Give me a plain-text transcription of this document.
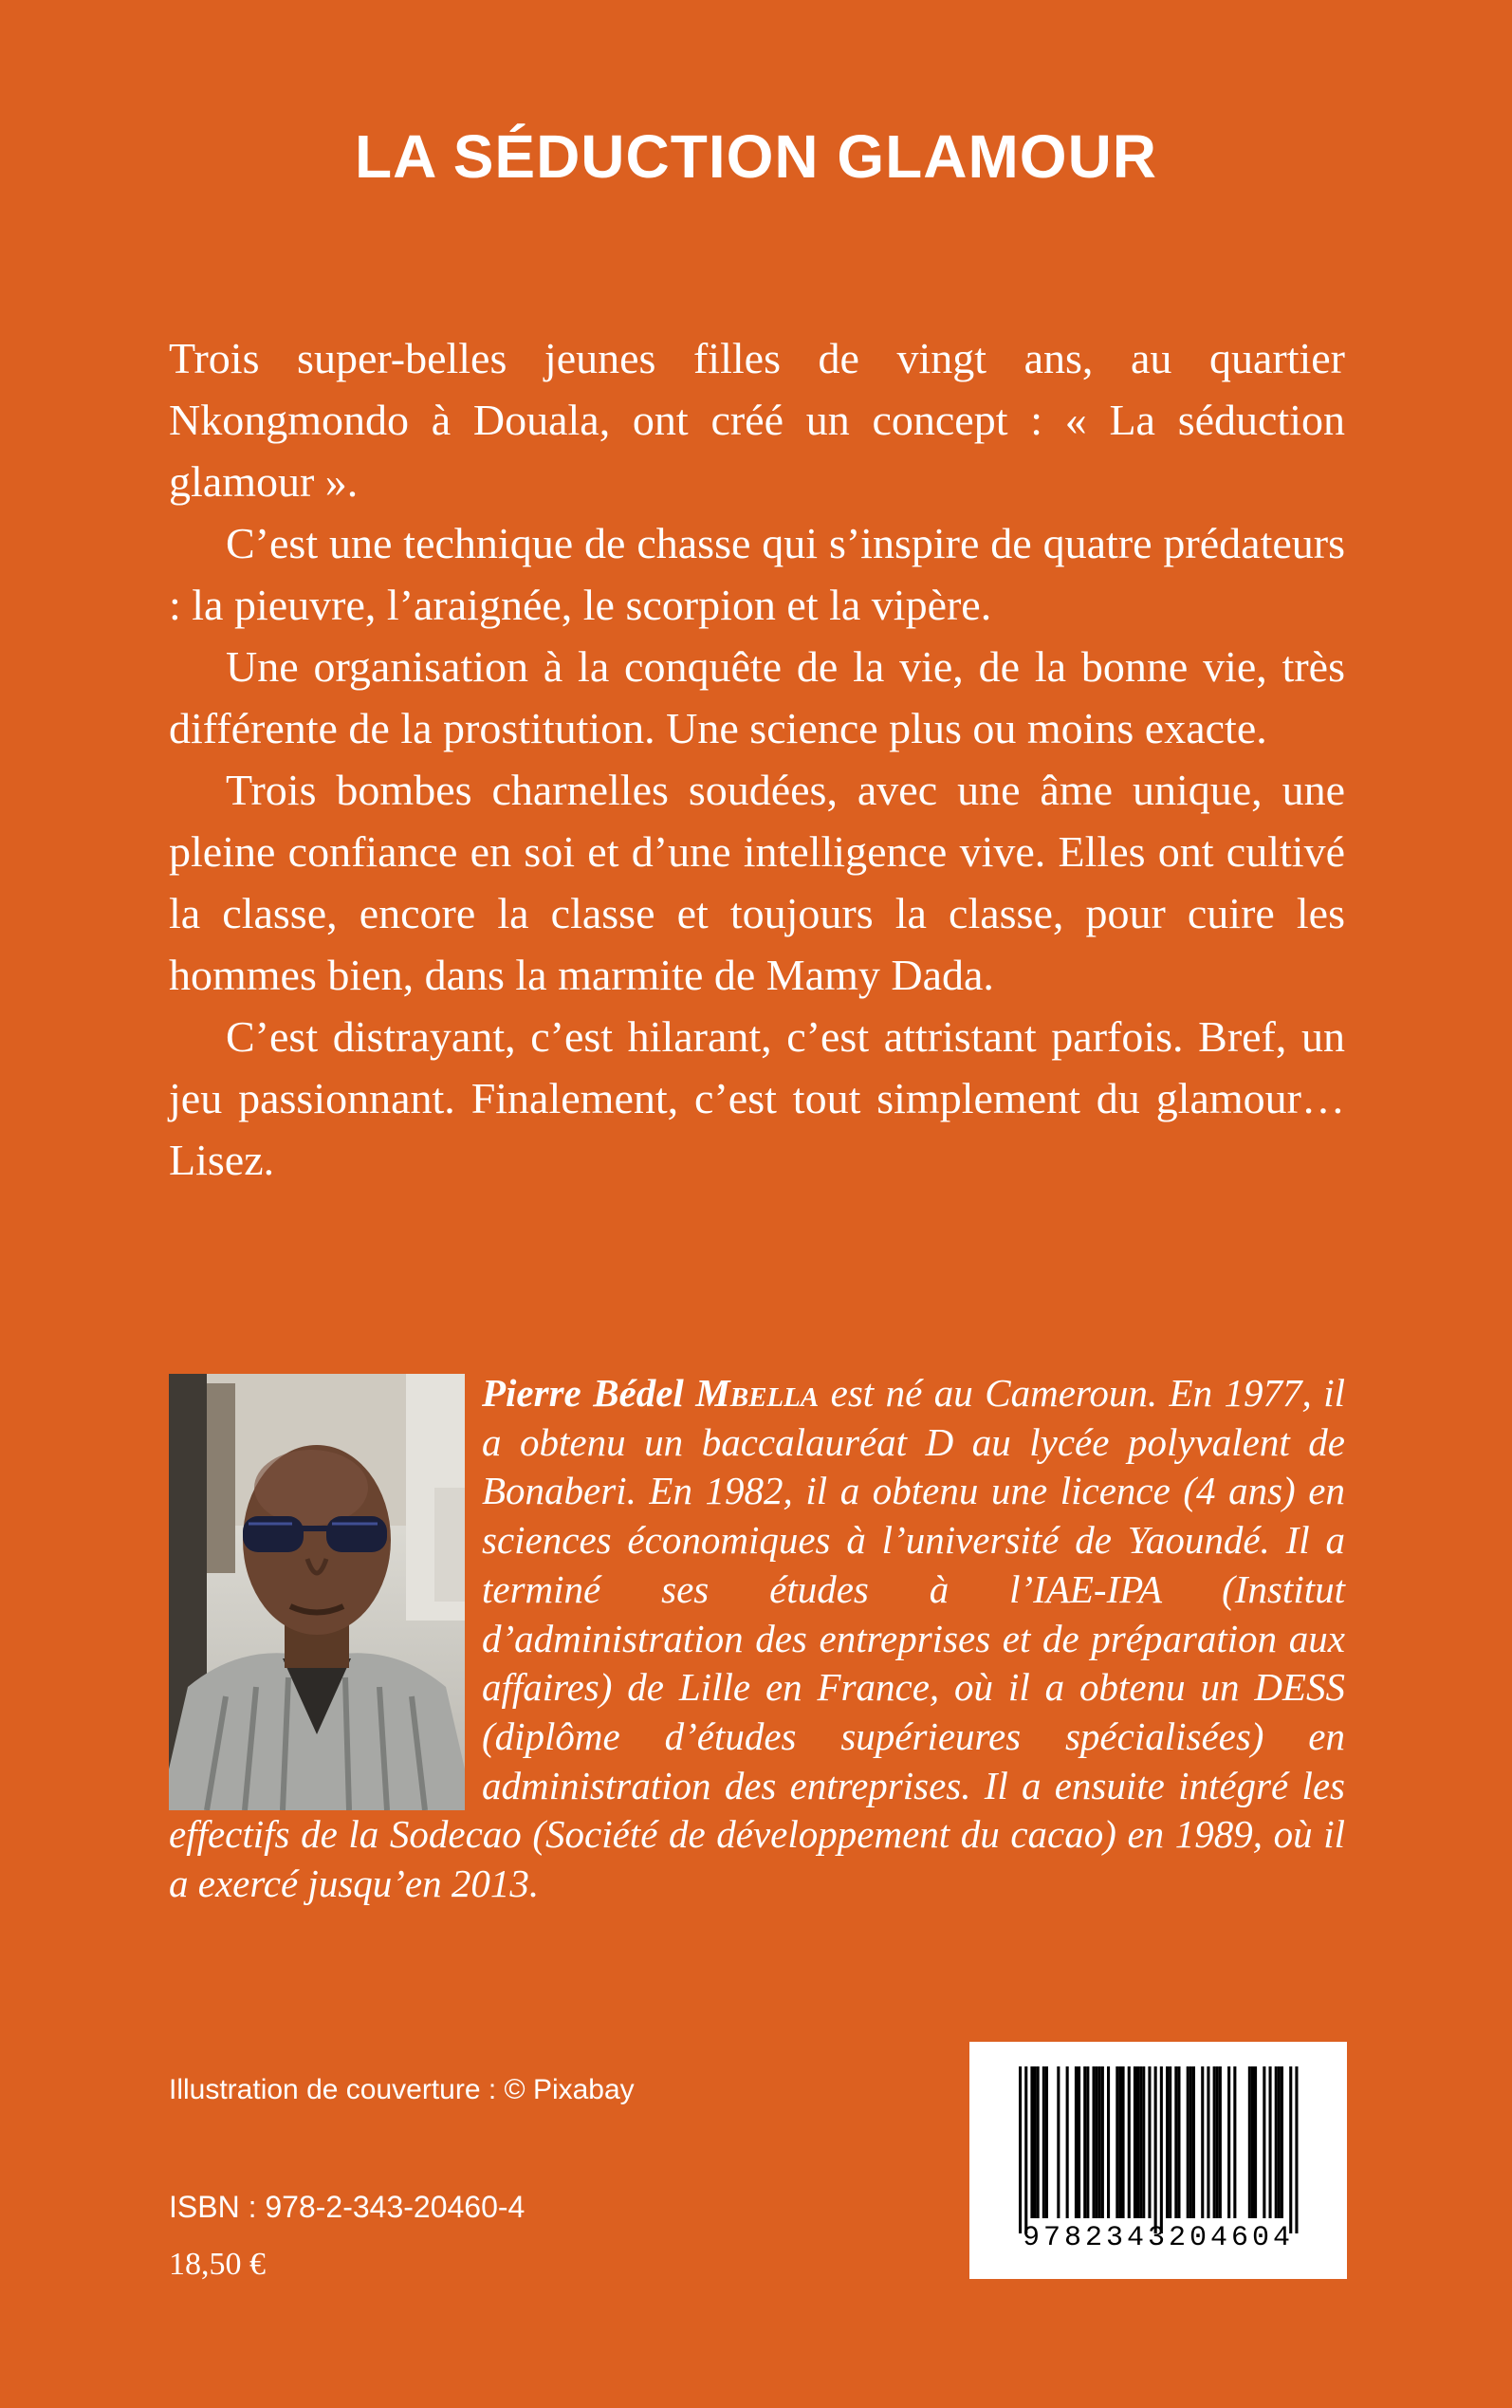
LA SÉDUCTION GLAMOUR

Trois super-belles jeunes filles de vingt ans, au quartier Nkongmondo à Douala, ont créé un concept : « La séduction glamour ».

C’est une technique de chasse qui s’inspire de quatre prédateurs : la pieuvre, l’araignée, le scorpion et la vipère.

Une organisation à la conquête de la vie, de la bonne vie, très différente de la prostitution. Une science plus ou moins exacte.

Trois bombes charnelles soudées, avec une âme unique, une pleine confiance en soi et d’une intelligence vive. Elles ont cultivé la classe, encore la classe et toujours la classe, pour cuire les hommes bien, dans la marmite de Mamy Dada.

C’est distrayant, c’est hilarant, c’est attristant parfois. Bref, un jeu passionnant. Finalement, c’est tout simplement du glamour… Lisez.

Pierre Bédel Mbella est né au Cameroun. En 1977, il a obtenu un baccalauréat D au lycée polyvalent de Bonaberi. En 1982, il a obtenu une licence (4 ans) en sciences économiques à l’université de Yaoundé. Il a terminé ses études à l’IAE-IPA (Institut d’administration des entreprises et de préparation aux affaires) de Lille en France, où il a obtenu un DESS (diplôme d’études supérieures spécialisées) en administration des entreprises. Il a ensuite intégré les effectifs de la Sodecao (Société de développement du cacao) en 1989, où il a exercé jusqu’en 2013.

Illustration de couverture : © Pixabay
ISBN : 978-2-343-20460-4
18,50 €
9782343204604
